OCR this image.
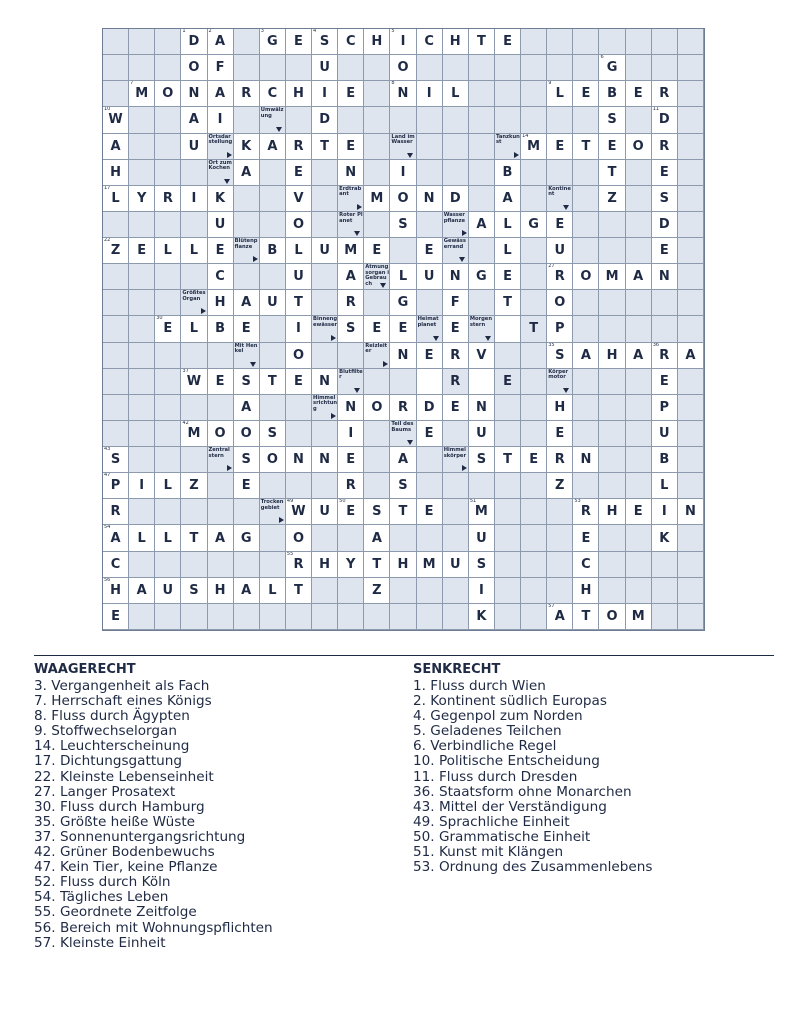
D
1
A
2
G
3
E S
4
C H I
5
C H T E
O F	U	O	G
6
M
7
O N A R C H I E	N
8
I L	L
9
E B E R
W
10
A I
Umwälzung	D	S	D
11
A	U
Ortsdarstellung K A R T E
Land im Wasser
Tanzkunst	M
14
E T E O R
H
Ort zum Kochen A	E	N	I	B	T	E
L
17
Y R I K	V
Erdtrabant	M O N D	A
Kontinent	Z	S
U	O
Roter Planet	S
Wasserpflanze A L G E	D
Z
22
E L L E
Blütenpflanze	B L U M E	E
Gewässerrand	L	U	E
C	U	A
Atmungsorgan i Gebrauch	L U N G E	R
27
O M A N
Größtes Organ	H A U T	R	G	F	T	O
E
30
L B E	I
Binnengewässer S E E
Heimatplanet	E
Morgenstern	T P
Mit Henkel	O
Reizleiter	N E R V	S
35
A H A R
36
A
W
37
E S T E N
Blutfilter	R	E
Körpermotor	E
A
Himmelsrichtung	N O R D E N	H	P
M
42
O O S	I
Teil des Baums	E	U	E	U
S
43	Zentralstern	S O N N E	A
Himmelskörper S T E R N	B
P
47
I L Z	E	R	S	Z	L
R
Trockengebiet W
49
U E
50
S T E	M
51
R
53
H E I N
A
54
L L T A G	O	A	U	E	K
C	R
55
H Y T H M U S	C
H
56
A U S H A L T	Z	I	H
E	K	A
57
T O M
WAAGERECHT
3. Vergangenheit als Fach
7. Herrschaft eines Königs
8. Fluss durch Ägypten
9. Stoffwechselorgan
14. Leuchterscheinung
17. Dichtungsgattung
22. Kleinste Lebenseinheit
27. Langer Prosatext
30. Fluss durch Hamburg
35. Größte heiße Wüste
37. Sonnenuntergangsrichtung
42. Grüner Bodenbewuchs
47. Kein Tier, keine Pflanze
52. Fluss durch Köln
54. Tägliches Leben
55. Geordnete Zeitfolge
56. Bereich mit Wohnungspflichten
57. Kleinste Einheit
SENKRECHT
1. Fluss durch Wien
2. Kontinent südlich Europas
4. Gegenpol zum Norden
5. Geladenes Teilchen
6. Verbindliche Regel
10. Politische Entscheidung
11. Fluss durch Dresden
36. Staatsform ohne Monarchen
43. Mittel der Verständigung
49. Sprachliche Einheit
50. Grammatische Einheit
51. Kunst mit Klängen
53. Ordnung des Zusammenlebens
